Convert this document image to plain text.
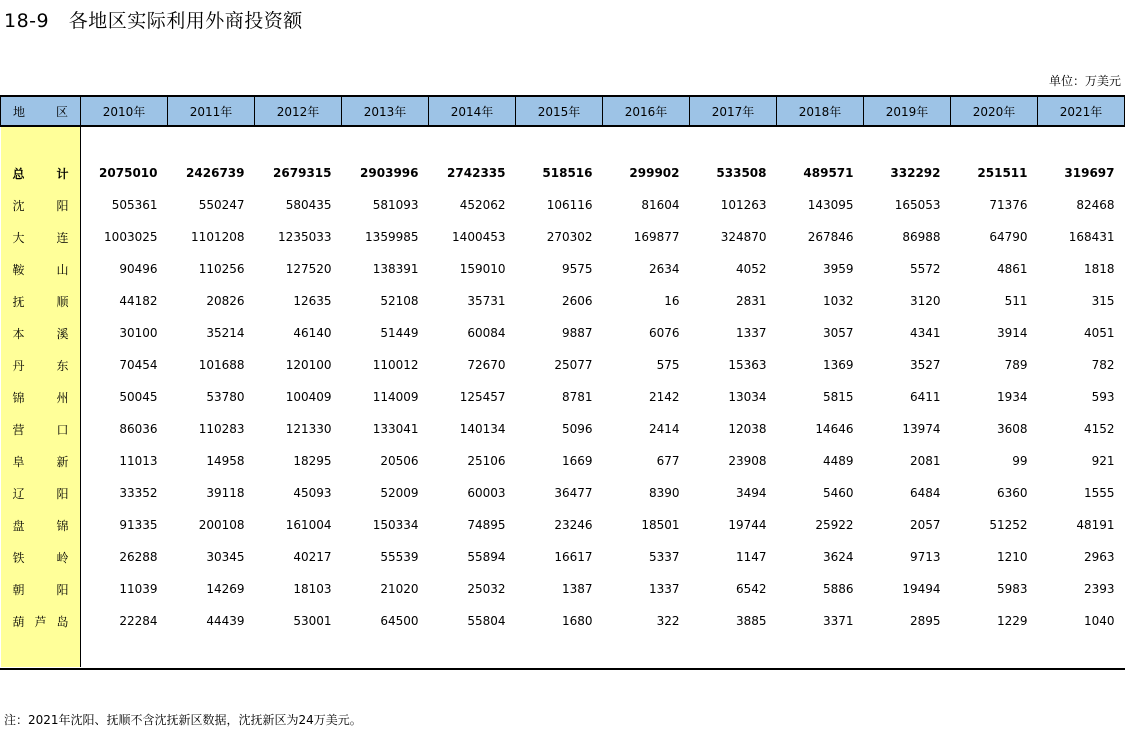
18-9   各地区实际利用外商投资额
单位：万美元
地 区	2010年	2011年	2012年	2013年	2014年	2015年	2016年	2017年	2018年	2019年	2020年	2021年

总 计	2075010	2426739	2679315	2903996	2742335	518516	299902	533508	489571	332292	251511	319697

沈 阳	505361	550247	580435	581093	452062	106116	81604	101263	143095	165053	71376	82468

大 连	1003025	1101208	1235033	1359985	1400453	270302	169877	324870	267846	86988	64790	168431

鞍 山	90496	110256	127520	138391	159010	9575	2634	4052	3959	5572	4861	1818

抚 顺	44182	20826	12635	52108	35731	2606	16	2831	1032	3120	511	315

本 溪	30100	35214	46140	51449	60084	9887	6076	1337	3057	4341	3914	4051

丹 东	70454	101688	120100	110012	72670	25077	575	15363	1369	3527	789	782

锦 州	50045	53780	100409	114009	125457	8781	2142	13034	5815	6411	1934	593

营 口	86036	110283	121330	133041	140134	5096	2414	12038	14646	13974	3608	4152

阜 新	11013	14958	18295	20506	25106	1669	677	23908	4489	2081	99	921

辽 阳	33352	39118	45093	52009	60003	36477	8390	3494	5460	6484	6360	1555

盘 锦	91335	200108	161004	150334	74895	23246	18501	19744	25922	2057	51252	48191

铁 岭	26288	30345	40217	55539	55894	16617	5337	1147	3624	9713	1210	2963

朝 阳	11039	14269	18103	21020	25032	1387	1337	6542	5886	19494	5983	2393

葫 芦 岛	22284	44439	53001	64500	55804	1680	322	3885	3371	2895	1229	1040

注：2021年沈阳、抚顺不含沈抚新区数据，沈抚新区为24万美元。
